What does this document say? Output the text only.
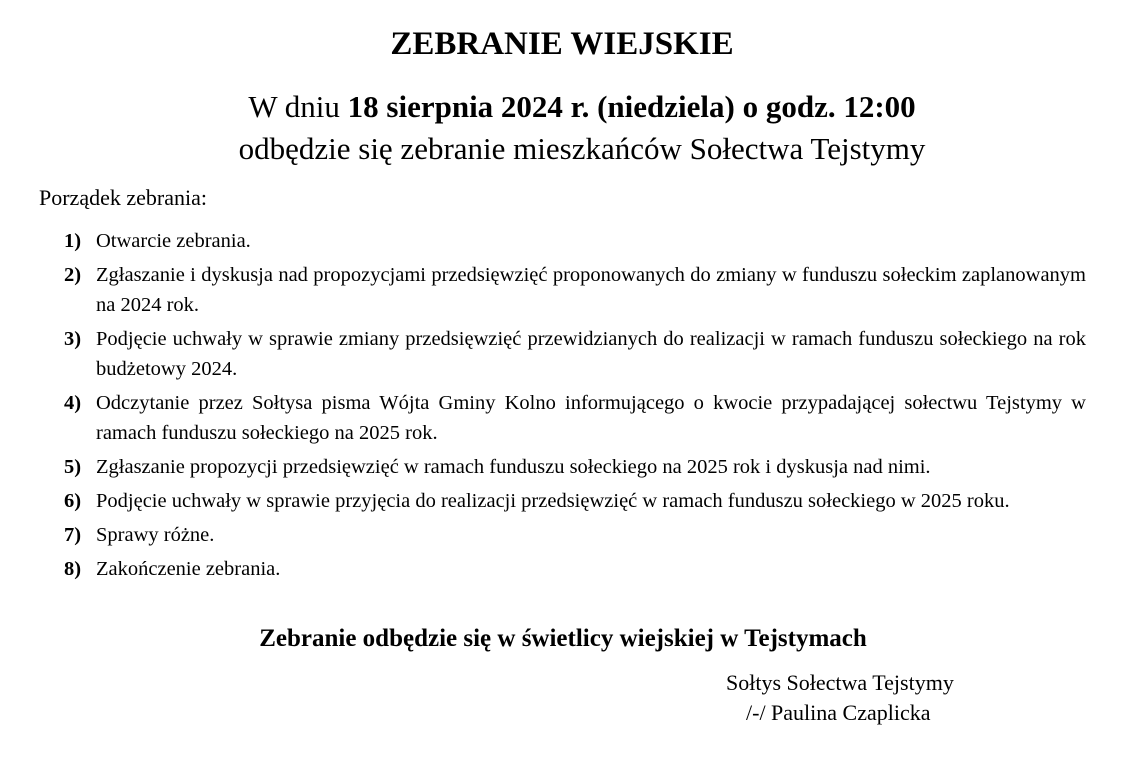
ZEBRANIE WIEJSKIE

W dniu 18 sierpnia 2024 r. (niedziela) o godz. 12:00

odbędzie się zebranie mieszkańców Sołectwa Tejstymy

Porządek zebrania:

1) Otwarcie zebrania.
2) Zgłaszanie i dyskusja nad propozycjami przedsięwzięć proponowanych do zmiany w funduszu sołeckim zaplanowanym na 2024 rok.
3) Podjęcie uchwały w sprawie zmiany przedsięwzięć przewidzianych do realizacji w ramach funduszu sołeckiego na rok budżetowy 2024.
4) Odczytanie przez Sołtysa pisma Wójta Gminy Kolno informującego o kwocie przypadającej sołectwu Tejstymy w ramach funduszu sołeckiego na 2025 rok.
5) Zgłaszanie propozycji przedsięwzięć w ramach funduszu sołeckiego na 2025 rok i dyskusja nad nimi.
6) Podjęcie uchwały w sprawie przyjęcia do realizacji przedsięwzięć w ramach funduszu sołeckiego w 2025 roku.
7) Sprawy różne.
8) Zakończenie zebrania.

Zebranie odbędzie się w świetlicy wiejskiej w Tejstymach

Sołtys Sołectwa Tejstymy
/-/ Paulina Czaplicka
